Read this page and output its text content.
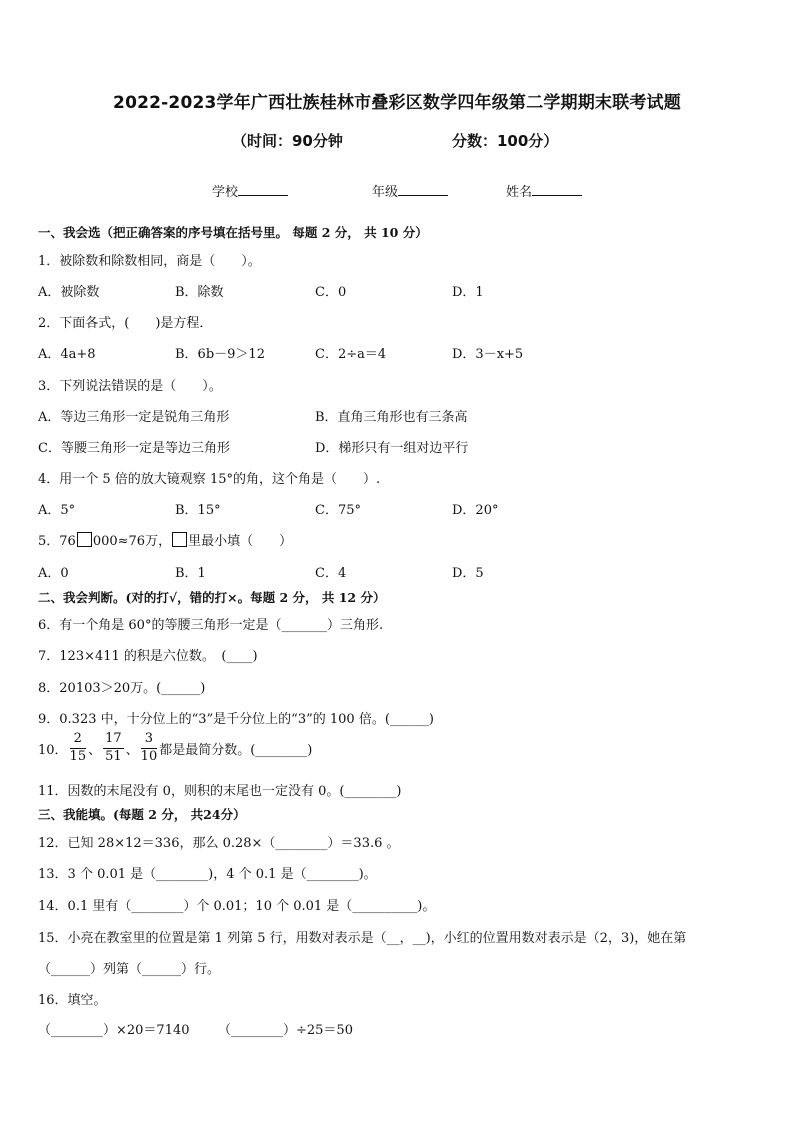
2022-2023学年广西壮族桂林市叠彩区数学四年级第二学期期末联考试题
（时间：90分钟	分数：100分）
学校	年级	姓名
一、我会选（把正确答案的序号填在括号里。 每题 2 分， 共 10 分）
1．被除数和除数相同，商是（　　）。
A．被除数	B．除数	C．0	D．1
2．下面各式，(　　)是方程．
A．4a+8	B．6b－9＞12	C．2÷a＝4	D．3－x+5
3．下列说法错误的是（　　）。
A．等边三角形一定是锐角三角形	B．直角三角形也有三条高
C．等腰三角形一定是等边三角形	D．梯形只有一组对边平行
4．用一个 5 倍的放大镜观察 15°的角，这个角是（　　）.
A．5°	B．15°	C．75°	D．20°
5．76 000≈76万， 里最小填（　　）
A．0	B．1	C．4	D．5
二、我会判断。(对的打√，错的打×。每题 2 分， 共 12 分）
6．有一个角是 60°的等腰三角形一定是（_______）三角形.
7．123×411 的积是六位数。　(____)
8．20103＞20万。(______)
9．0.323 中，十分位上的“3”是千分位上的“3”的 100 倍。(______)
10． $\frac{2}{15}$ 、 $\frac{17}{51}$ 、 $\frac{3}{10}$ 都是最简分数。(________)
11．因数的末尾没有 0，则积的末尾也一定没有 0。(________)
三、我能填。(每题 2 分， 共24分）
12．已知 28×12＝336，那么 0.28×（________）＝33.6 。
13．3 个 0.01 是（________)，4 个 0.1 是（________)。
14．0.1 里有（________）个 0.01；10 个 0.01 是（__________)。
15．小亮在教室里的位置是第 1 列第 5 行，用数对表示是（__，__)，小红的位置用数对表示是（2，3)，她在第
（______）列第（______）行。
16．填空。
（________）×20＝7140 （________）÷25＝50
